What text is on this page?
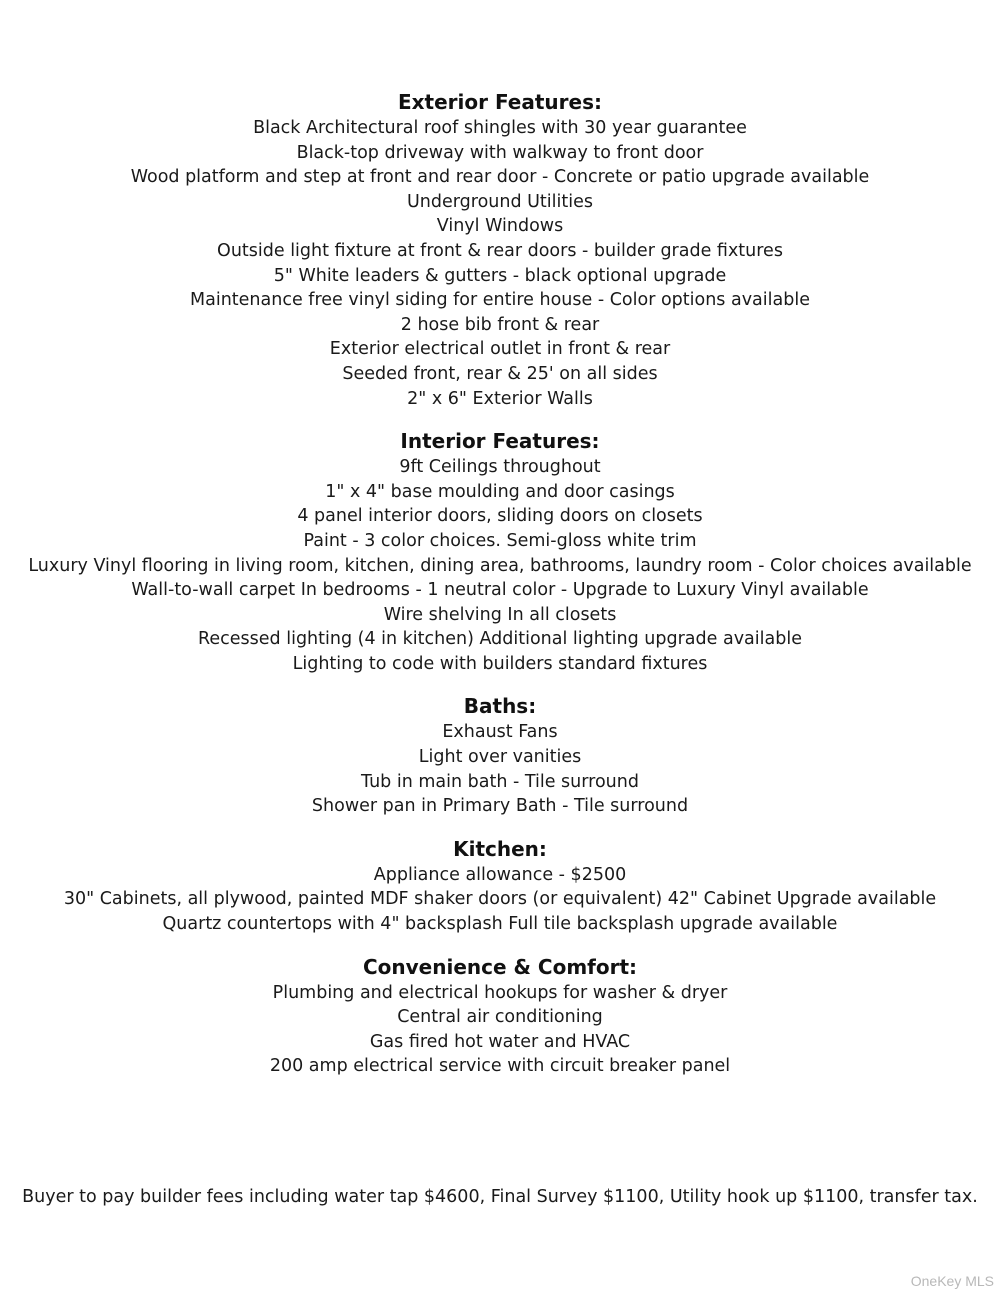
Exterior Features:

Black Architectural roof shingles with 30 year guarantee

Black-top driveway with walkway to front door

Wood platform and step at front and rear door - Concrete or patio upgrade available

Underground Utilities

Vinyl Windows

Outside light fixture at front & rear doors - builder grade fixtures

5" White leaders & gutters - black optional upgrade

Maintenance free vinyl siding for entire house - Color options available

2 hose bib front & rear

Exterior electrical outlet in front & rear

Seeded front, rear & 25' on all sides

2" x 6" Exterior Walls

Interior Features:

9ft Ceilings throughout

1" x 4" base moulding and door casings

4 panel interior doors, sliding doors on closets

Paint - 3 color choices. Semi-gloss white trim

Luxury Vinyl flooring in living room, kitchen, dining area, bathrooms, laundry room - Color choices available

Wall-to-wall carpet In bedrooms - 1 neutral color - Upgrade to Luxury Vinyl available

Wire shelving In all closets

Recessed lighting (4 in kitchen) Additional lighting upgrade available

Lighting to code with builders standard fixtures

Baths:

Exhaust Fans

Light over vanities

Tub in main bath - Tile surround

Shower pan in Primary Bath - Tile surround

Kitchen:

Appliance allowance - $2500

30" Cabinets, all plywood, painted MDF shaker doors (or equivalent) 42" Cabinet Upgrade available

Quartz countertops with 4" backsplash Full tile backsplash upgrade available

Convenience & Comfort:

Plumbing and electrical hookups for washer & dryer

Central air conditioning

Gas fired hot water and HVAC

200 amp electrical service with circuit breaker panel

Buyer to pay builder fees including water tap $4600, Final Survey $1100, Utility hook up $1100, transfer tax.

OneKey MLS
